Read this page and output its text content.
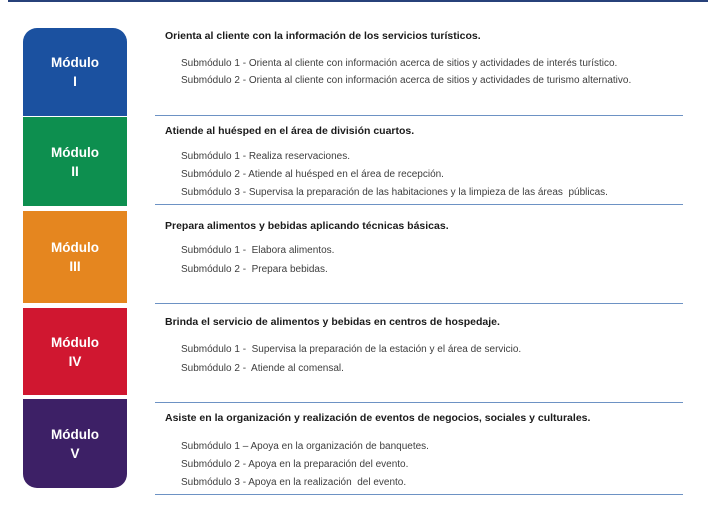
Módulo
I
Orienta al cliente con la información de los servicios turísticos.
Submódulo 1 - Orienta al cliente con información acerca de sitios y actividades de interés turístico.
Submódulo 2 - Orienta al cliente con información acerca de sitios y actividades de turismo alternativo.
Módulo
II
Atiende al huésped en el área de división cuartos.
Submódulo 1 - Realiza reservaciones.
Submódulo 2 - Atiende al huésped en el área de recepción.
Submódulo 3 - Supervisa la preparación de las habitaciones y la limpieza de las áreas  públicas.
Módulo
III
Prepara alimentos y bebidas aplicando técnicas básicas.
Submódulo 1 -  Elabora alimentos.
Submódulo 2 -  Prepara bebidas.
Módulo
IV
Brinda el servicio de alimentos y bebidas en centros de hospedaje.
Submódulo 1 -  Supervisa la preparación de la estación y el área de servicio.
Submódulo 2 -  Atiende al comensal.
Módulo
V
Asiste en la organización y realización de eventos de negocios, sociales y culturales.
Submódulo 1 – Apoya en la organización de banquetes.
Submódulo 2 - Apoya en la preparación del evento.
Submódulo 3 - Apoya en la realización  del evento.
